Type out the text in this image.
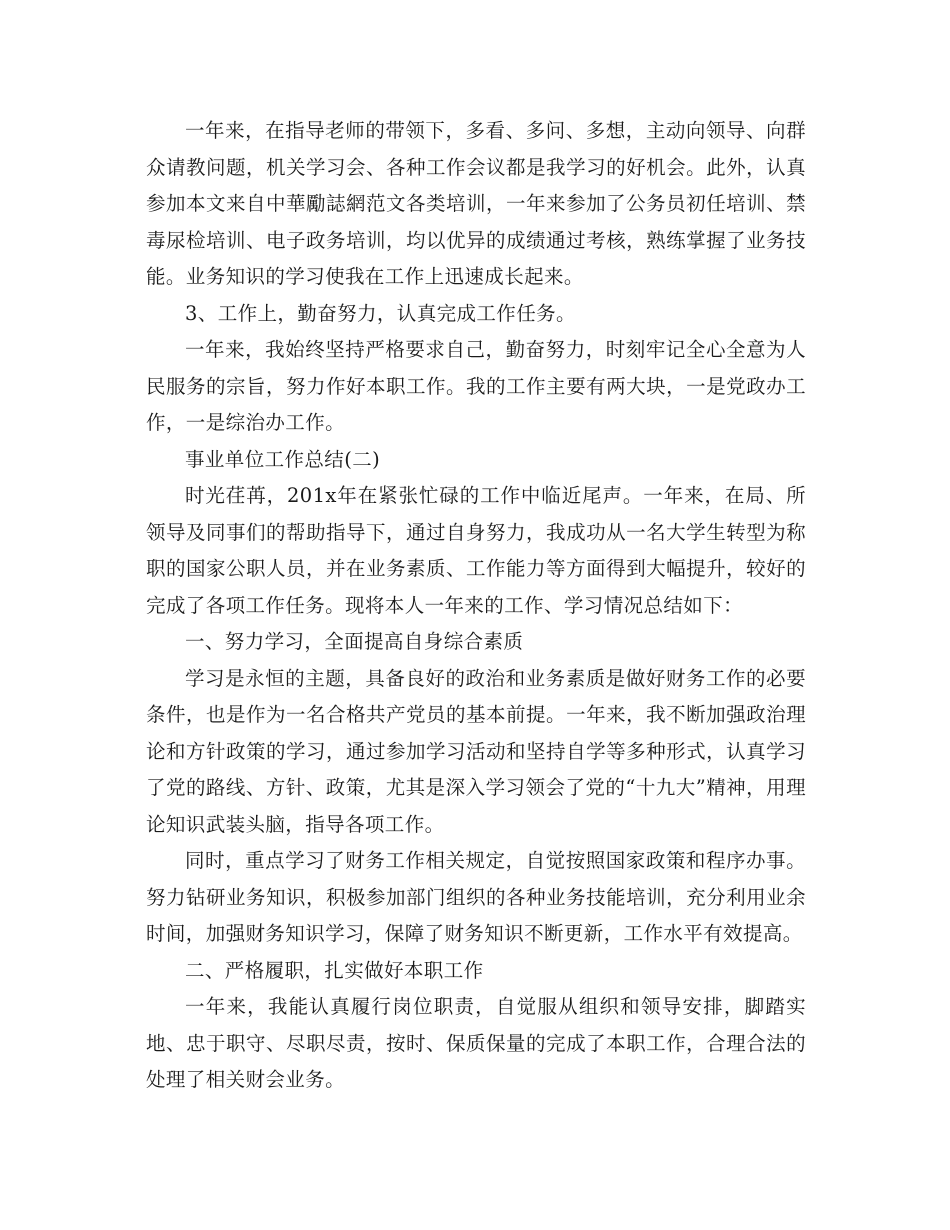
一年来，在指导老师的带领下，多看、多问、多想，主动向领导、向群众请教问题，机关学习会、各种工作会议都是我学习的好机会。此外，认真参加本文来自中華勵誌網范文各类培训，一年来参加了公务员初任培训、禁毒尿检培训、电子政务培训，均以优异的成绩通过考核，熟练掌握了业务技能。业务知识的学习使我在工作上迅速成长起来。

3、工作上，勤奋努力，认真完成工作任务。

一年来，我始终坚持严格要求自己，勤奋努力，时刻牢记全心全意为人民服务的宗旨，努力作好本职工作。我的工作主要有两大块，一是党政办工作，一是综治办工作。

事业单位工作总结(二)

时光荏苒，201x年在紧张忙碌的工作中临近尾声。一年来，在局、所领导及同事们的帮助指导下，通过自身努力，我成功从一名大学生转型为称职的国家公职人员，并在业务素质、工作能力等方面得到大幅提升，较好的完成了各项工作任务。现将本人一年来的工作、学习情况总结如下：

一、努力学习，全面提高自身综合素质

学习是永恒的主题，具备良好的政治和业务素质是做好财务工作的必要条件，也是作为一名合格共产党员的基本前提。一年来，我不断加强政治理论和方针政策的学习，通过参加学习活动和坚持自学等多种形式，认真学习了党的路线、方针、政策，尤其是深入学习领会了党的“十九大”精神，用理论知识武装头脑，指导各项工作。

同时，重点学习了财务工作相关规定，自觉按照国家政策和程序办事。努力钻研业务知识，积极参加部门组织的各种业务技能培训，充分利用业余时间，加强财务知识学习，保障了财务知识不断更新，工作水平有效提高。

二、严格履职，扎实做好本职工作

一年来，我能认真履行岗位职责，自觉服从组织和领导安排，脚踏实地、忠于职守、尽职尽责，按时、保质保量的完成了本职工作，合理合法的处理了相关财会业务。
